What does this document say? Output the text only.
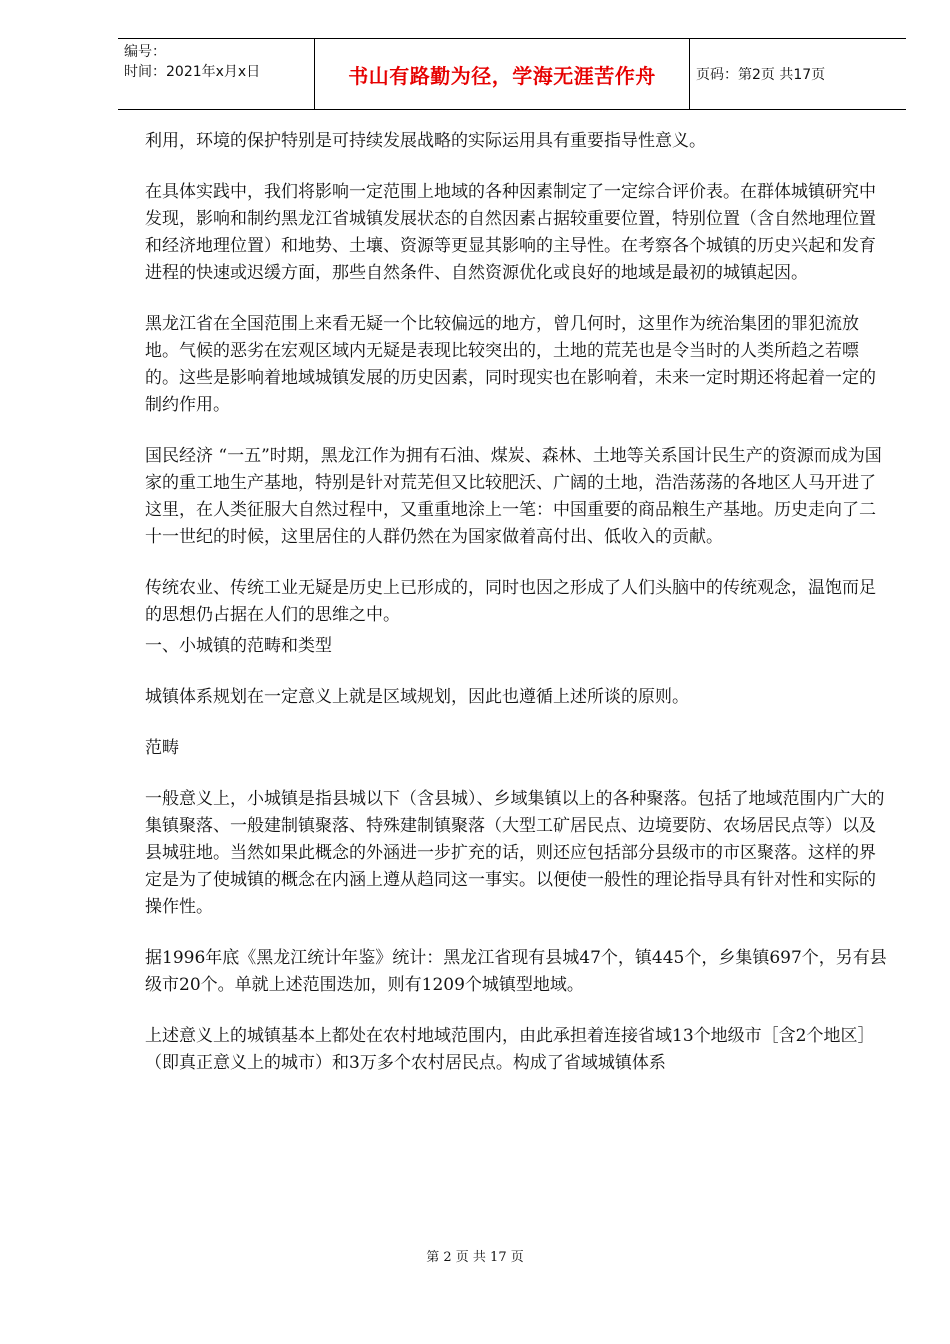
编号：
时间：2021年x月x日	书山有路勤为径，学海无涯苦作舟	页码：第2页 共17页

利用，环境的保护特别是可持续发展战略的实际运用具有重要指导性意义。

在具体实践中，我们将影响一定范围上地域的各种因素制定了一定综合评价表。在群体城镇研究中发现，影响和制约黑龙江省城镇发展状态的自然因素占据较重要位置，特别位置（含自然地理位置和经济地理位置）和地势、土壤、资源等更显其影响的主导性。在考察各个城镇的历史兴起和发育进程的快速或迟缓方面，那些自然条件、自然资源优化或良好的地域是最初的城镇起因。

黑龙江省在全国范围上来看无疑一个比较偏远的地方，曾几何时，这里作为统治集团的罪犯流放地。气候的恶劣在宏观区域内无疑是表现比较突出的，土地的荒芜也是令当时的人类所趋之若嘌的。这些是影响着地域城镇发展的历史因素，同时现实也在影响着，未来一定时期还将起着一定的制约作用。

国民经济 “一五”时期，黑龙江作为拥有石油、煤炭、森林、土地等关系国计民生产的资源而成为国家的重工地生产基地，特别是针对荒芜但又比较肥沃、广阔的土地，浩浩荡荡的各地区人马开进了这里，在人类征服大自然过程中，又重重地涂上一笔：中国重要的商品粮生产基地。历史走向了二十一世纪的时候，这里居住的人群仍然在为国家做着高付出、低收入的贡献。

传统农业、传统工业无疑是历史上已形成的，同时也因之形成了人们头脑中的传统观念，温饱而足的思想仍占据在人们的思维之中。

一、小城镇的范畴和类型

城镇体系规划在一定意义上就是区域规划，因此也遵循上述所谈的原则。

范畴

一般意义上，小城镇是指县城以下（含县城）、乡域集镇以上的各种聚落。包括了地域范围内广大的集镇聚落、一般建制镇聚落、特殊建制镇聚落（大型工矿居民点、边境要防、农场居民点等）以及县城驻地。当然如果此概念的外涵进一步扩充的话，则还应包括部分县级市的市区聚落。这样的界定是为了使城镇的概念在内涵上遵从趋同这一事实。以便使一般性的理论指导具有针对性和实际的操作性。

据1996年底《黑龙江统计年鉴》统计：黑龙江省现有县城47个，镇445个，乡集镇697个，另有县级市20个。单就上述范围迭加，则有1209个城镇型地域。

上述意义上的城镇基本上都处在农村地域范围内，由此承担着连接省域13个地级市［含2个地区］（即真正意义上的城市）和3万多个农村居民点。构成了省域城镇体系

第 2 页 共 17 页
